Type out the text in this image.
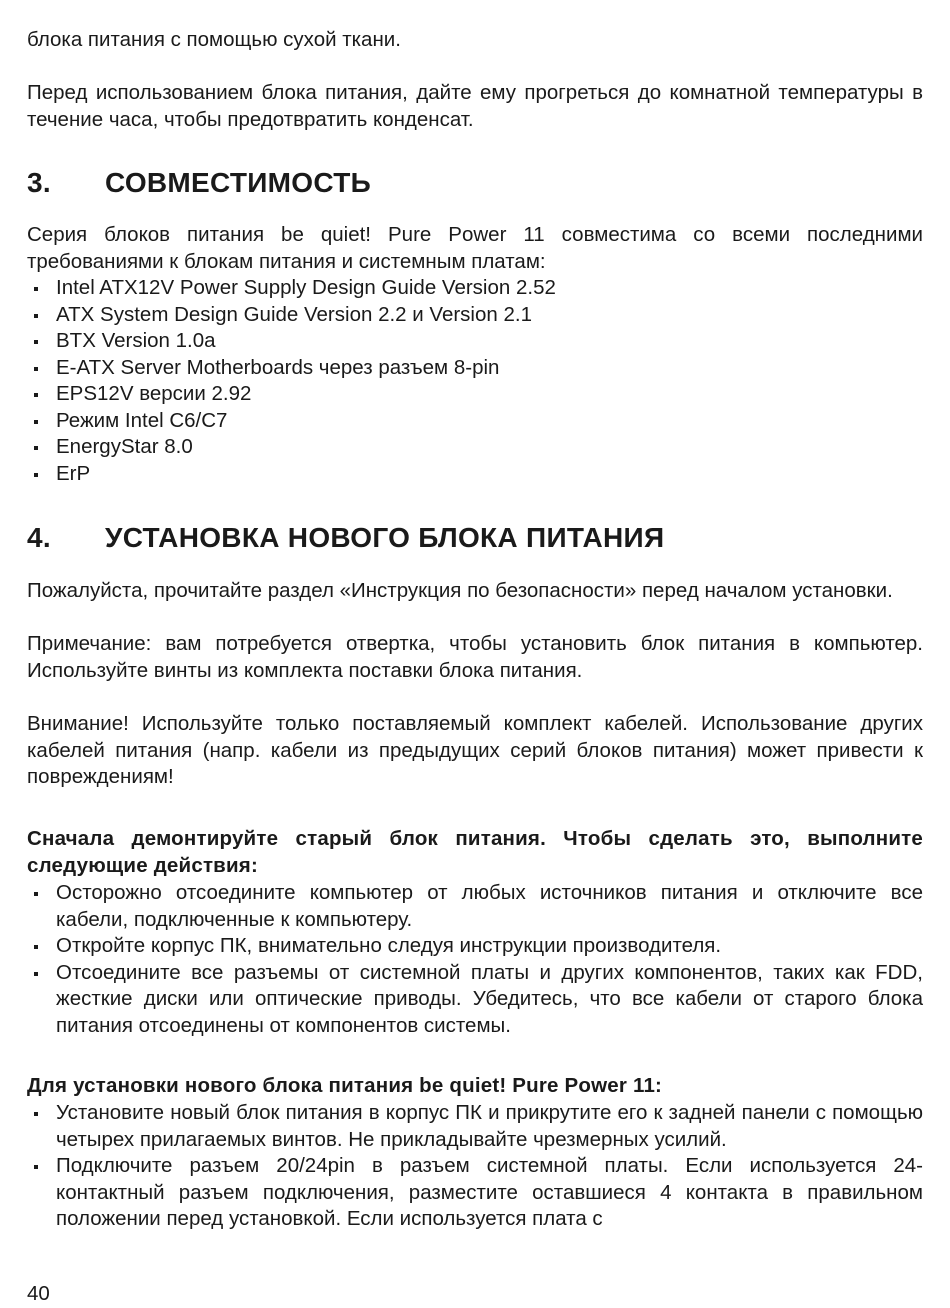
блока питания с помощью сухой ткани.

Перед использованием блока питания, дайте ему прогреться до комнатной температуры в течение часа, чтобы предотвратить конденсат.

3.	СОВМЕСТИМОСТЬ

Серия блоков питания be quiet! Pure Power 11 совместима со всеми последними требованиями к блокам питания и системным платам:

Intel ATX12V Power Supply Design Guide Version 2.52
ATX System Design Guide Version 2.2 и Version 2.1
BTX Version 1.0a
E-ATX Server Motherboards через разъем 8-pin
EPS12V версии 2.92
Режим Intel C6/C7
EnergyStar 8.0
ErP
4.	УСТАНОВКА НОВОГО БЛОКА ПИТАНИЯ

Пожалуйста, прочитайте раздел «Инструкция по безопасности» перед началом установки.

Примечание: вам потребуется отвертка, чтобы установить блок питания в компьютер. Используйте винты из комплекта поставки блока питания.

Внимание! Используйте только поставляемый комплект кабелей. Использование других кабелей питания (напр. кабели из предыдущих серий блоков питания) может привести к повреждениям!

Сначала демонтируйте старый блок питания. Чтобы сделать это, выполните следующие действия:

Осторожно отсоедините компьютер от любых источников питания и отключите все кабели, подключенные к компьютеру.
Откройте корпус ПК, внимательно следуя инструкции производителя.
Отсоедините все разъемы от системной платы и других компонентов, таких как FDD, жесткие диски или оптические приводы. Убедитесь, что все кабели от старого блока питания отсоединены от компонентов системы.

Для установки нового блока питания be quiet! Pure Power 11:

Установите новый блок питания в корпус ПК и прикрутите его к задней панели с помощью четырех прилагаемых винтов. Не прикладывайте чрезмерных усилий.
Подключите разъем 20/24pin в разъем системной платы. Если используется 24-контактный разъем подключения, разместите оставшиеся 4 контакта в правильном положении перед установкой. Если используется плата с
40
